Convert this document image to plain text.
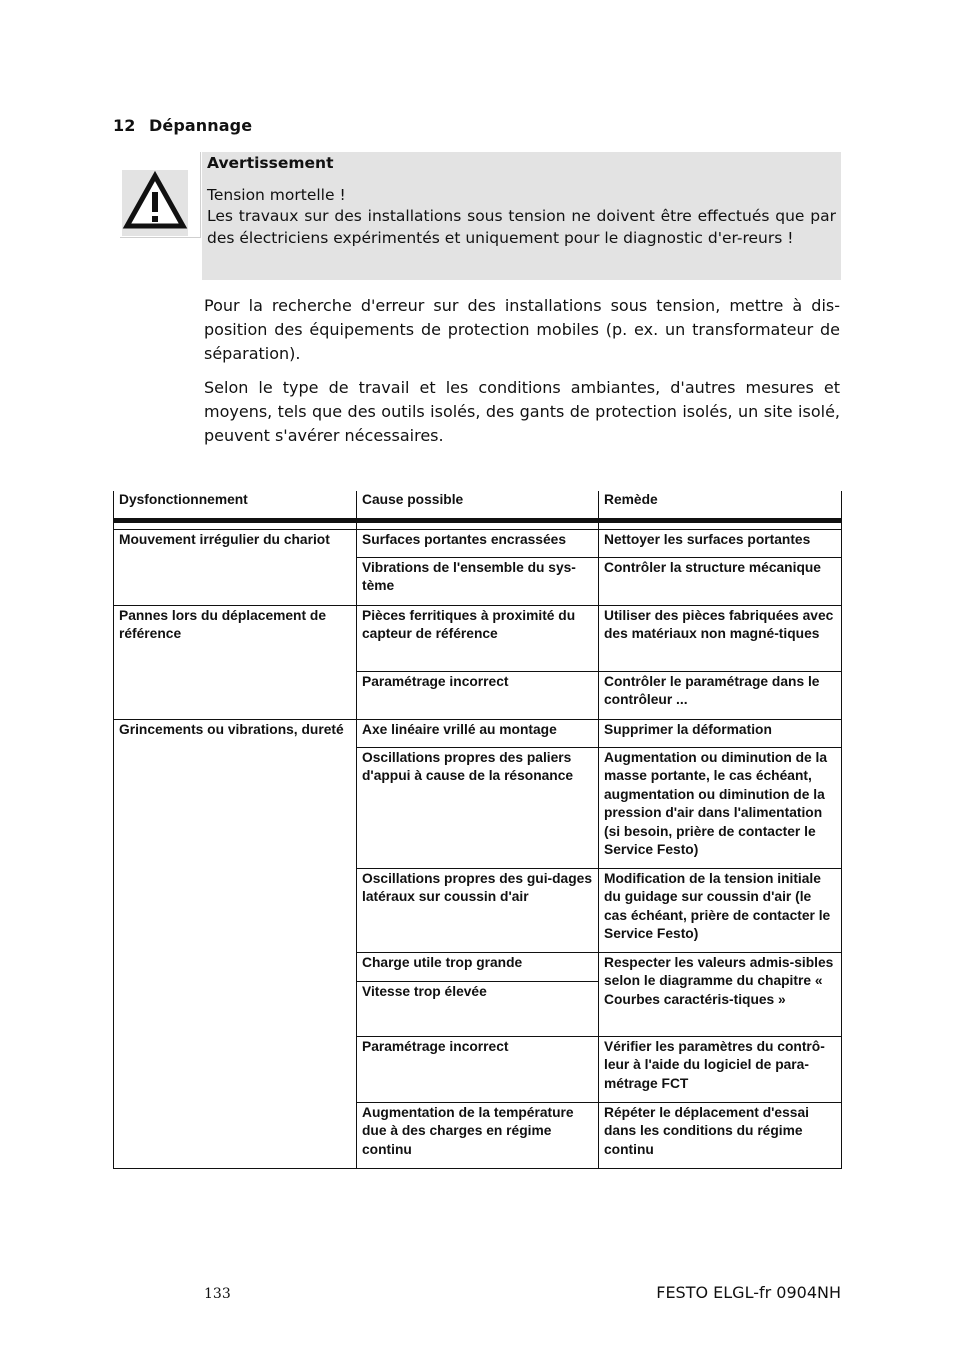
12 Dépannage
Avertissement
Tension mortelle !
Les travaux sur des installations sous tension ne doivent être effectués que par des électriciens expérimentés et uniquement pour le diagnostic d'er-reurs !

Pour la recherche d'erreur sur des installations sous tension, mettre à dis-position des équipements de protection mobiles (p. ex. un transformateur de séparation).

Selon le type de travail et les conditions ambiantes, d'autres mesures et moyens, tels que des outils isolés, des gants de protection isolés, un site isolé, peuvent s'avérer nécessaires.

Dysfonctionnement	Cause possible	Remède

Mouvement irrégulier du chariot	Surfaces portantes encrassées	Nettoyer les surfaces portantes
	Vibrations de l'ensemble du sys-tème	Contrôler la structure mécanique
Pannes lors du déplacement de référence	Pièces ferritiques à proximité du capteur de référence	Utiliser des pièces fabriquées avec des matériaux non magné-tiques
	Paramétrage incorrect	Contrôler le paramétrage dans le contrôleur ...
Grincements ou vibrations, dureté	Axe linéaire vrillé au montage	Supprimer la déformation
	Oscillations propres des paliers d'appui à cause de la résonance	Augmentation ou diminution de la masse portante, le cas échéant, augmentation ou diminution de la pression d'air dans l'alimentation (si besoin, prière de contacter le Service Festo)
	Oscillations propres des gui-dages latéraux sur coussin d'air	Modification de la tension initiale du guidage sur coussin d'air (le cas échéant, prière de contacter le Service Festo)
	Charge utile trop grande	Respecter les valeurs admis-sibles selon le diagramme du chapitre « Courbes caractéris-tiques »
	Vitesse trop élevée	
	Paramétrage incorrect	Vérifier les paramètres du contrô-leur à l'aide du logiciel de para-métrage FCT
	Augmentation de la température due à des charges en régime continu	Répéter le déplacement d'essai dans les conditions du régime continu
133	FESTO ELGL-fr 0904NH
